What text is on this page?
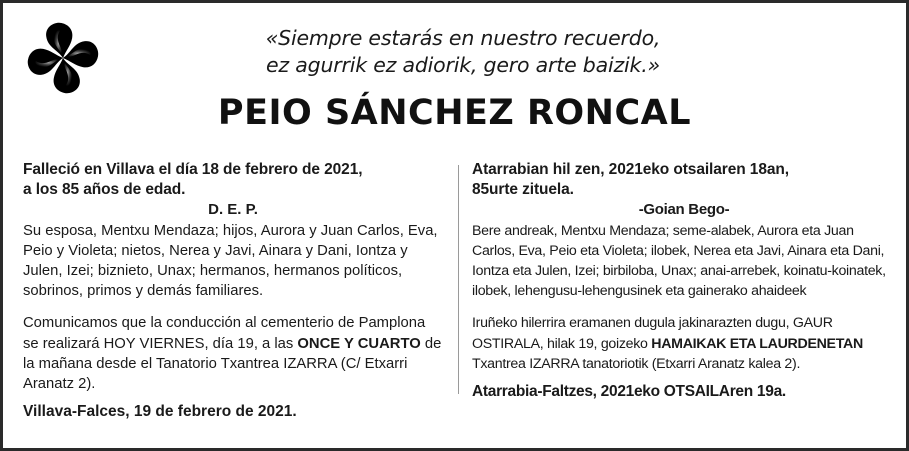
«Siempre estarás en nuestro recuerdo,
ez agurrik ez adiorik, gero arte baizik.»
PEIO SÁNCHEZ RONCAL

Falleció en Villava el día 18 de febrero de 2021,

a los 85 años de edad.

D. E. P.

Su esposa, Mentxu Mendaza; hijos, Aurora y Juan Carlos, Eva, Peio y Violeta; nietos, Nerea y Javi, Ainara y Dani, Iontza y Julen, Izei; biznieto, Unax; hermanos, hermanos políticos, sobrinos, primos y demás familiares.

Comunicamos que la conducción al cementerio de Pamplona se realizará HOY VIERNES, día 19, a las ONCE Y CUARTO de la mañana desde el Tanatorio Txantrea IZARRA (C/ Etxarri Aranatz 2).

Villava-Falces, 19 de febrero de 2021.

Atarrabian hil zen, 2021eko otsailaren 18an,

85urte zituela.

-Goian Bego-

Bere andreak, Mentxu Mendaza; seme-alabek, Aurora eta Juan Carlos, Eva, Peio eta Violeta; ilobek, Nerea eta Javi, Ainara eta Dani, Iontza eta Julen, Izei; birbiloba, Unax; anai-arrebek, koinatu-koinatek, ilobek, lehengusu-lehengusinek eta gainerako ahaideek

Iruñeko hilerrira eramanen dugula jakinarazten dugu, GAUR OSTIRALA, hilak 19, goizeko HAMAIKAK ETA LAURDENETAN Txantrea IZARRA tanatoriotik (Etxarri Aranatz kalea 2).

Atarrabia-Faltzes, 2021eko OTSAILAren 19a.
